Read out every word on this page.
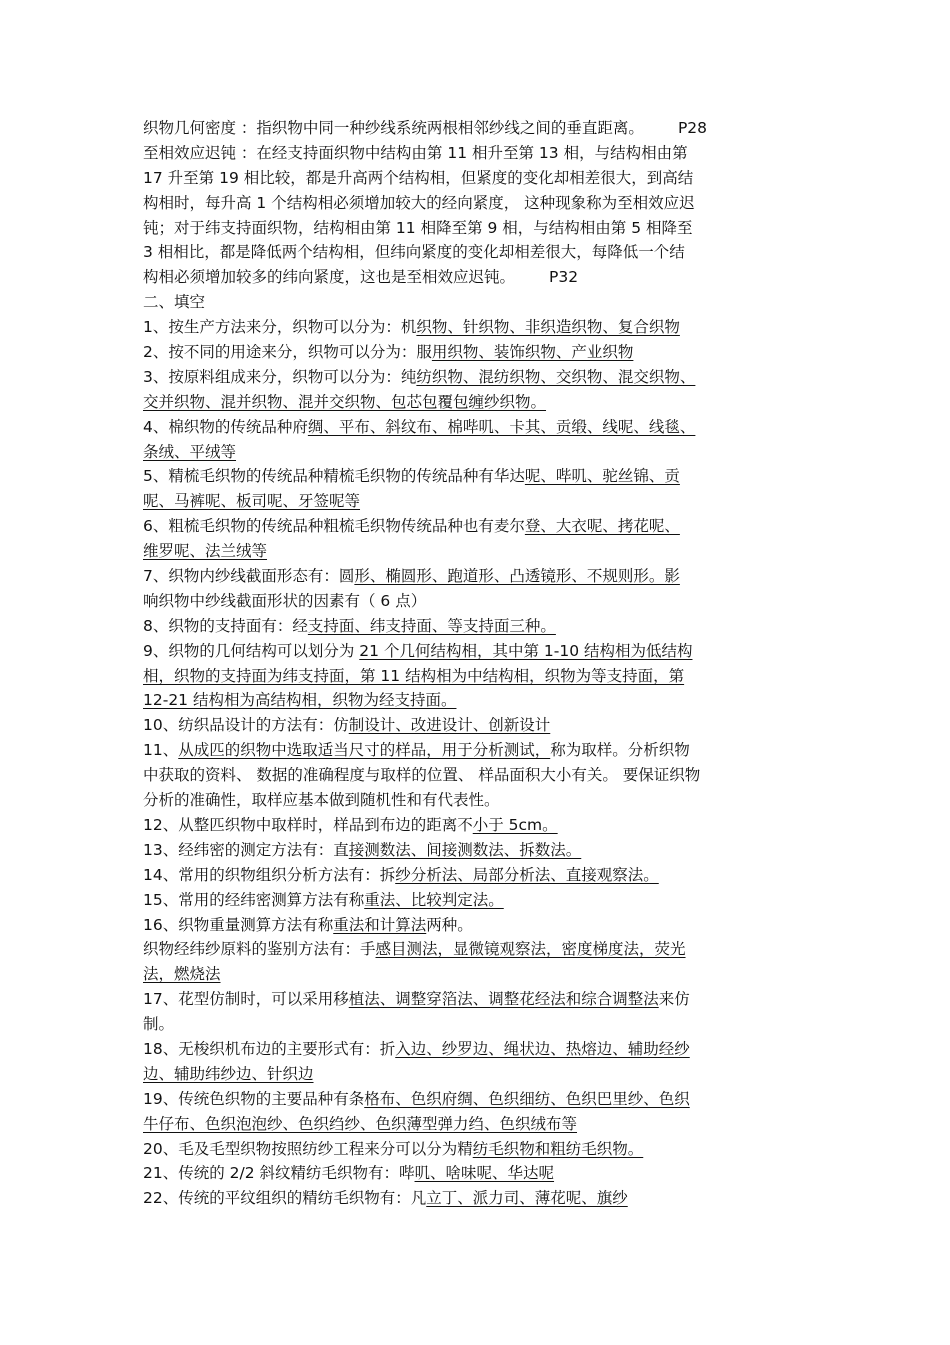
织物几何密度 ：指织物中同一种纱线系统两根相邻纱线之间的垂直距离。 P28
至相效应迟钝 ：在经支持面织物中结构由第 11 相升至第 13 相，与结构相由第
17 升至第 19 相比较，都是升高两个结构相，但紧度的变化却相差很大，到高结
构相时，每升高 1 个结构相必须增加较大的经向紧度， 这种现象称为至相效应迟
钝；对于纬支持面织物，结构相由第 11 相降至第 9 相，与结构相由第 5 相降至
3 相相比，都是降低两个结构相，但纬向紧度的变化却相差很大，每降低一个结
构相必须增加较多的纬向紧度，这也是至相效应迟钝。 P32
二、填空
1、按生产方法来分，织物可以分为：机织物、针织物、非织造织物、复合织物
2、按不同的用途来分，织物可以分为：服用织物、装饰织物、产业织物
3、按原料组成来分，织物可以分为：纯纺织物、混纺织物、交织物、混交织物、
交并织物、混并织物、混并交织物、包芯包覆包缠纱织物。
4、棉织物的传统品种府绸、平布、斜纹布、棉哔叽、卡其、贡缎、线呢、线毯、
条绒、平绒等
5、精梳毛织物的传统品种精梳毛织物的传统品种有华达呢、哔叽、驼丝锦、贡
呢、马裤呢、板司呢、牙签呢等
6、粗梳毛织物的传统品种粗梳毛织物传统品种也有麦尔登、大衣呢、拷花呢、
维罗呢、法兰绒等
7、织物内纱线截面形态有：圆形、椭圆形、跑道形、凸透镜形、不规则形。影
响织物中纱线截面形状的因素有（ 6 点）
8、织物的支持面有：经支持面、纬支持面、等支持面三种。
9、织物的几何结构可以划分为 21 个几何结构相，其中第 1-10 结构相为低结构
相，织物的支持面为纬支持面，第 11 结构相为中结构相，织物为等支持面，第
12-21 结构相为高结构相，织物为经支持面。
10、纺织品设计的方法有：仿制设计、改进设计、创新设计
11、从成匹的织物中选取适当尺寸的样品，用于分析测试，称为取样。分析织物
中获取的资料、 数据的准确程度与取样的位置、 样品面积大小有关。 要保证织物
分析的准确性，取样应基本做到随机性和有代表性。
12、从整匹织物中取样时，样品到布边的距离不小于 5cm。
13、经纬密的测定方法有：直接测数法、间接测数法、拆数法。
14、常用的织物组织分析方法有：拆纱分析法、局部分析法、直接观察法。
15、常用的经纬密测算方法有称重法、比较判定法。
16、织物重量测算方法有称重法和计算法两种。
织物经纬纱原料的鉴别方法有：手感目测法，显微镜观察法，密度梯度法，荧光
法，燃烧法
17、花型仿制时，可以采用移植法、调整穿箔法、调整花经法和综合调整法来仿
制。
18、无梭织机布边的主要形式有：折入边、纱罗边、绳状边、热熔边、辅助经纱
边、辅助纬纱边、针织边
19、传统色织物的主要品种有条格布、色织府绸、色织细纺、色织巴里纱、色织
牛仔布、色织泡泡纱、色织绉纱、色织薄型弹力绉、色织绒布等
20、毛及毛型织物按照纺纱工程来分可以分为精纺毛织物和粗纺毛织物。
21、传统的 2/2 斜纹精纺毛织物有：哔叽、啥味呢、华达呢
22、传统的平纹组织的精纺毛织物有：凡立丁、派力司、薄花呢、旗纱
